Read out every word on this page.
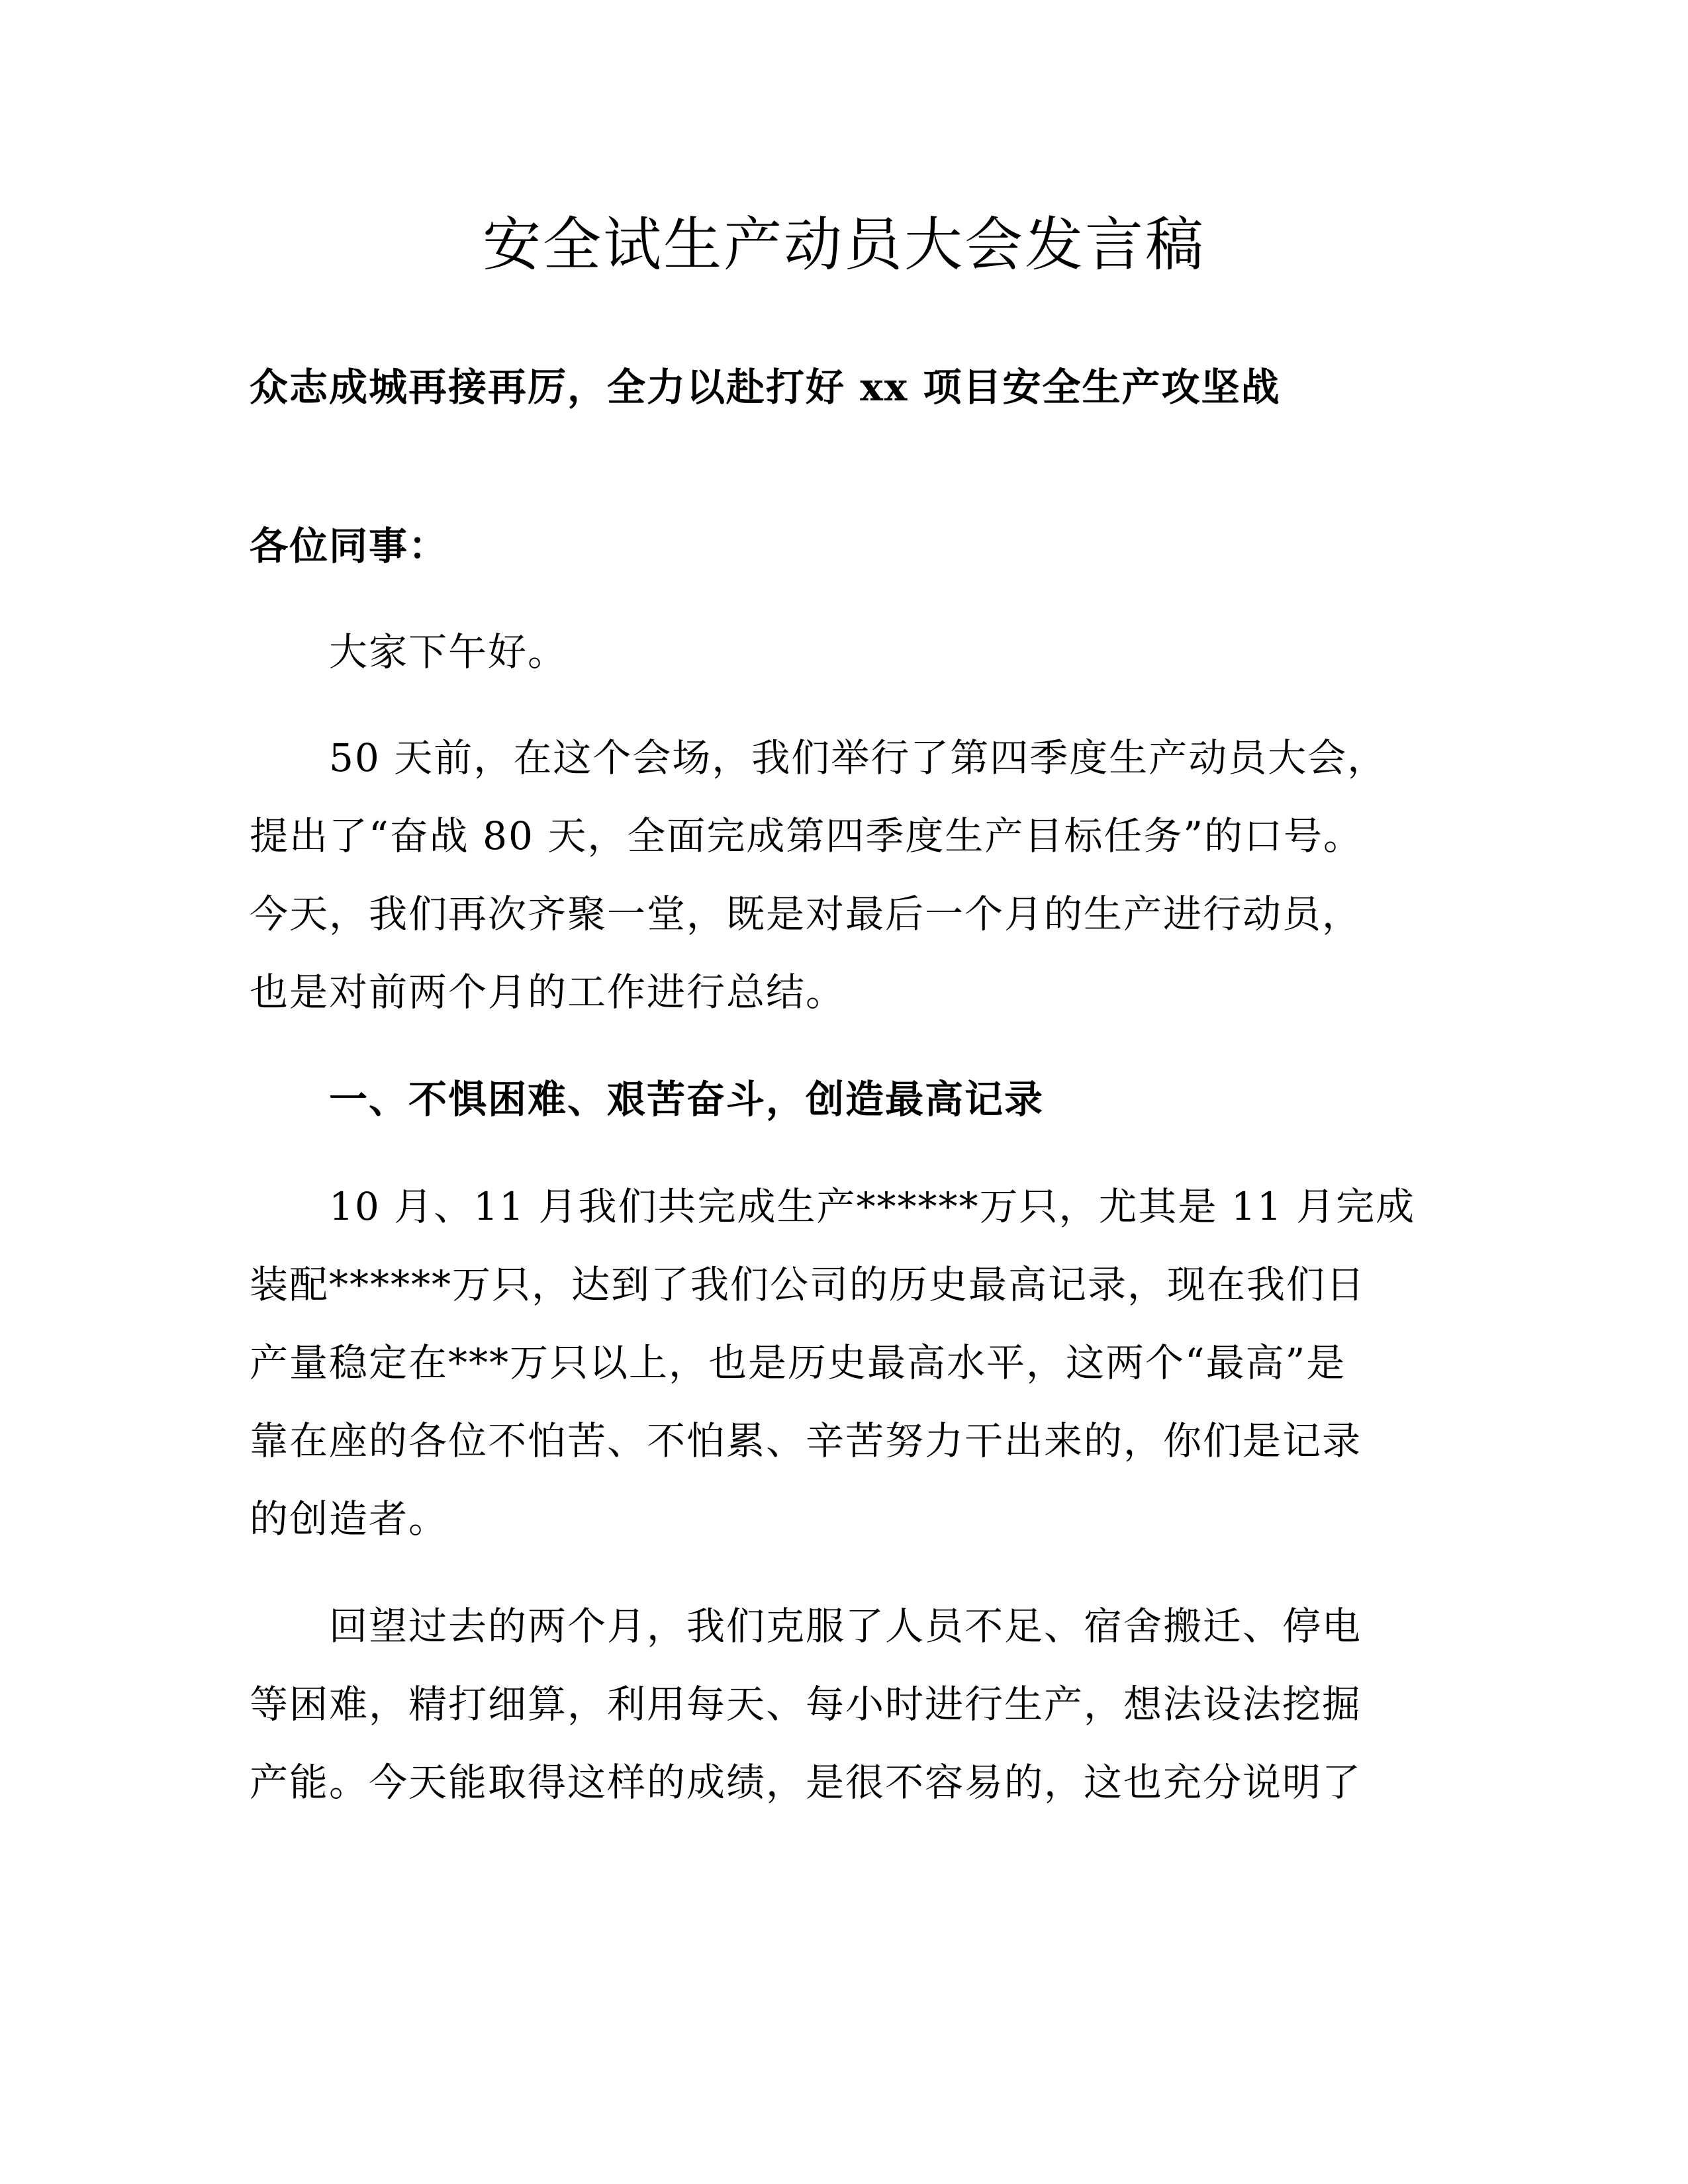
安全试生产动员大会发言稿
众志成城再接再厉，全力以赴打好 xx 项目安全生产攻坚战
各位同事：
大家下午好。
50 天前，在这个会场，我们举行了第四季度生产动员大会，
提出了“奋战 80 天，全面完成第四季度生产目标任务”的口号。
今天，我们再次齐聚一堂，既是对最后一个月的生产进行动员，
也是对前两个月的工作进行总结。
一、不惧困难、艰苦奋斗，创造最高记录
10 月、11 月我们共完成生产******万只，尤其是 11 月完成
装配******万只，达到了我们公司的历史最高记录，现在我们日
产量稳定在***万只以上，也是历史最高水平，这两个“最高”是
靠在座的各位不怕苦、不怕累、辛苦努力干出来的，你们是记录
的创造者。
回望过去的两个月，我们克服了人员不足、宿舍搬迁、停电
等困难，精打细算，利用每天、每小时进行生产，想法设法挖掘
产能。今天能取得这样的成绩，是很不容易的，这也充分说明了
